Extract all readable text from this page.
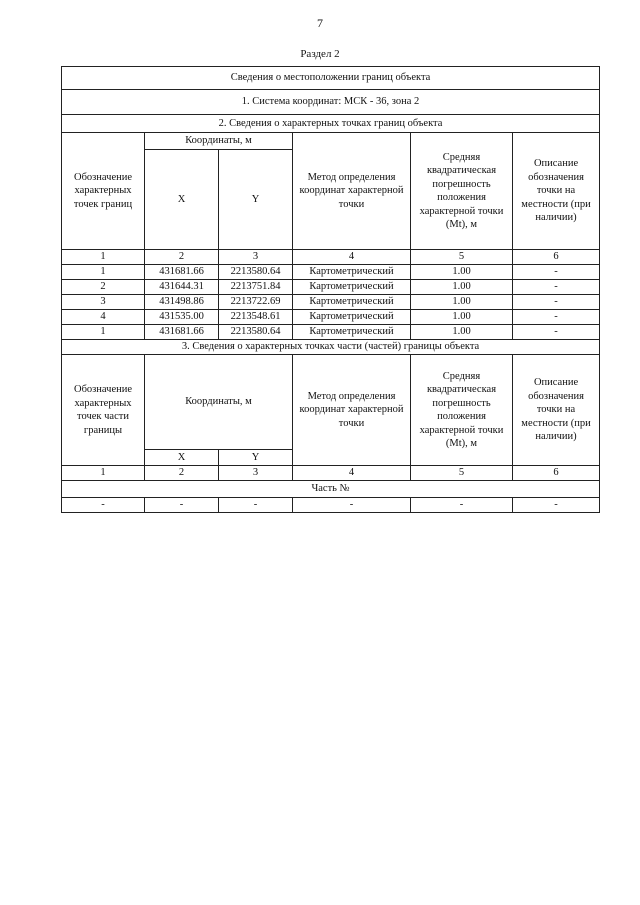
7
Раздел 2
Сведения о местоположении границ объекта					
1. Система координат: МСК - 36, зона 2					
2. Сведения о характерных точках границ объекта					
Обозначение характерных точек границ	Координаты, м		Метод определения координат характерной точки	Средняя квадратическая погрешность положения характерной точки (Mt), м	Описание обозначения точки на местности (при наличии)
	X	Y			
1	2	3	4	5	6
1	431681.66	2213580.64	Картометрический	1.00	-
2	431644.31	2213751.84	Картометрический	1.00	-
3	431498.86	2213722.69	Картометрический	1.00	-
4	431535.00	2213548.61	Картометрический	1.00	-
1	431681.66	2213580.64	Картометрический	1.00	-
3. Сведения о характерных точках части (частей) границы объекта					
Обозначение характерных точек части границы	Координаты, м		Метод определения координат характерной точки	Средняя квадратическая погрешность положения характерной точки (Mt), м	Описание обозначения точки на местности (при наличии)
	X	Y			
1	2	3	4	5	6
Часть №					
-	-	-	-	-	-
